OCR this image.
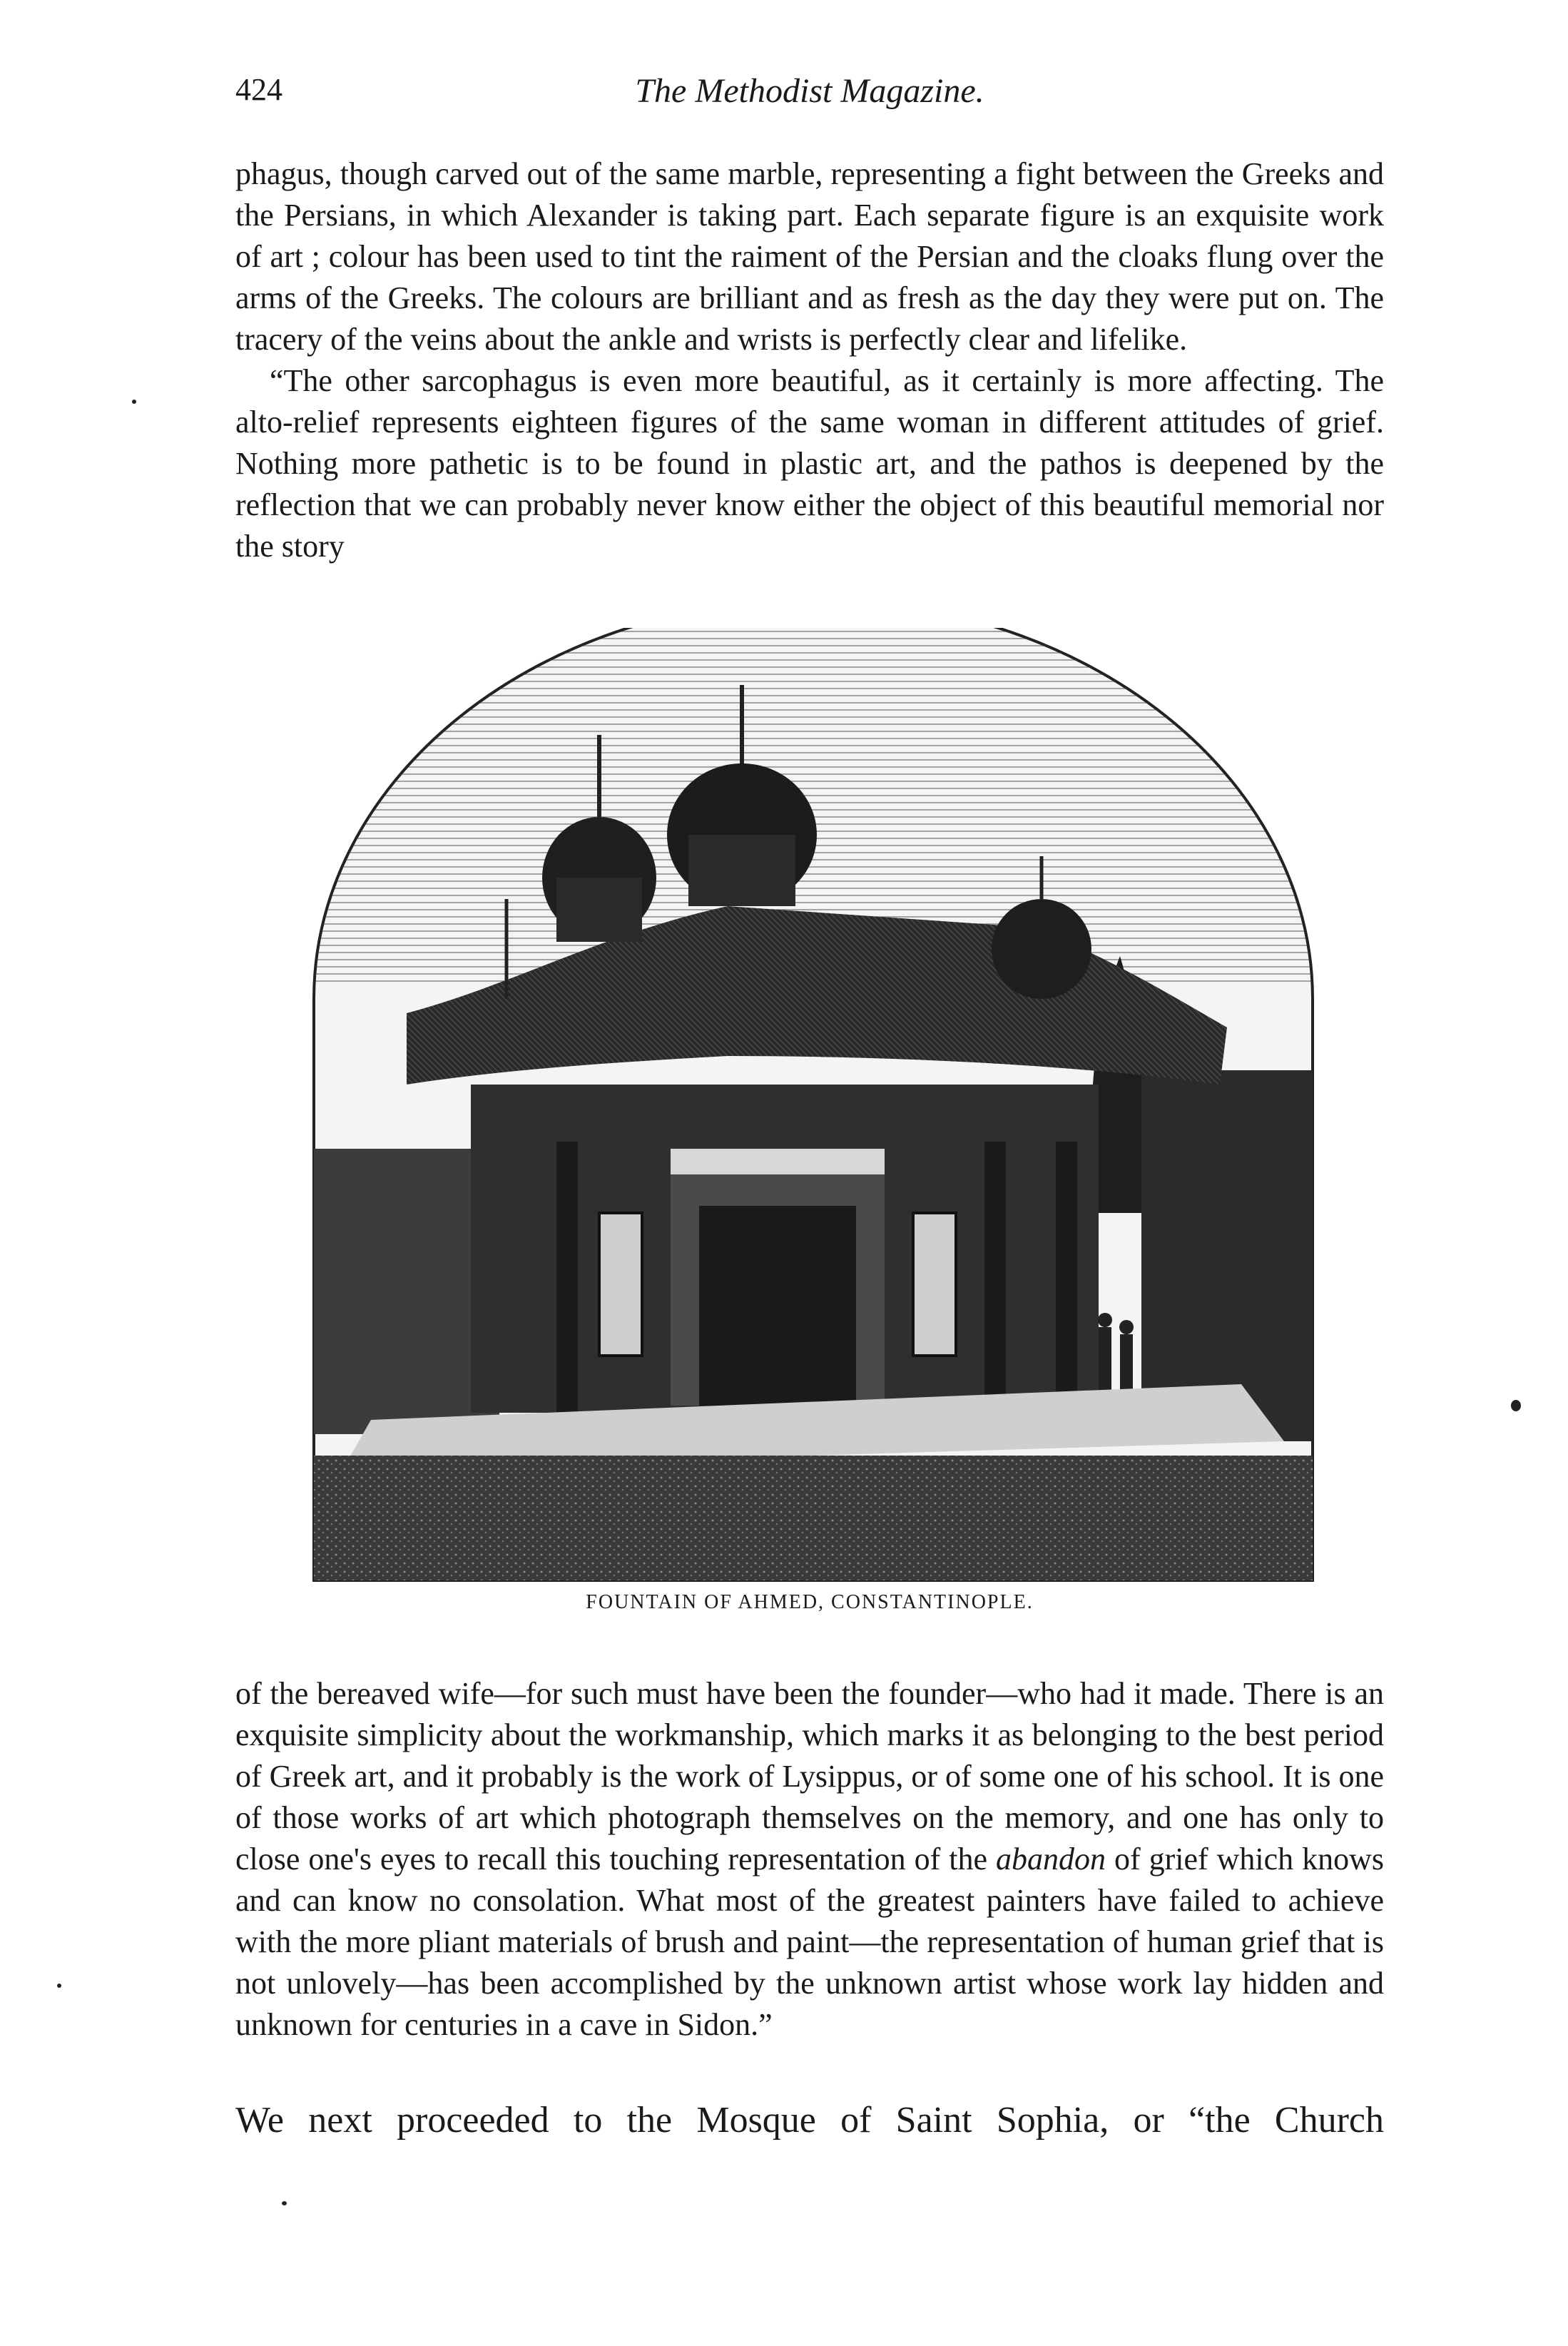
424	The Methodist Magazine.

phagus, though carved out of the same marble, representing a fight between the Greeks and the Persians, in which Alexander is taking part. Each separate figure is an exquisite work of art ; colour has been used to tint the raiment of the Persian and the cloaks flung over the arms of the Greeks. The colours are brilliant and as fresh as the day they were put on. The tracery of the veins about the ankle and wrists is perfectly clear and lifelike.

“The other sarcophagus is even more beautiful, as it certainly is more affecting. The alto-relief represents eighteen figures of the same woman in different attitudes of grief. Nothing more pathetic is to be found in plastic art, and the pathos is deepened by the reflection that we can probably never know either the object of this beautiful memorial nor the story

FOUNTAIN OF AHMED, CONSTANTINOPLE.

of the bereaved wife—for such must have been the founder—who had it made. There is an exquisite simplicity about the workmanship, which marks it as belonging to the best period of Greek art, and it probably is the work of Lysippus, or of some one of his school. It is one of those works of art which photograph themselves on the memory, and one has only to close one's eyes to recall this touching representation of the abandon of grief which knows and can know no consolation. What most of the greatest painters have failed to achieve with the more pliant materials of brush and paint—the representation of human grief that is not unlovely—has been accomplished by the unknown artist whose work lay hidden and unknown for centuries in a cave in Sidon.”

We next proceeded to the Mosque of Saint Sophia, or “the Church
